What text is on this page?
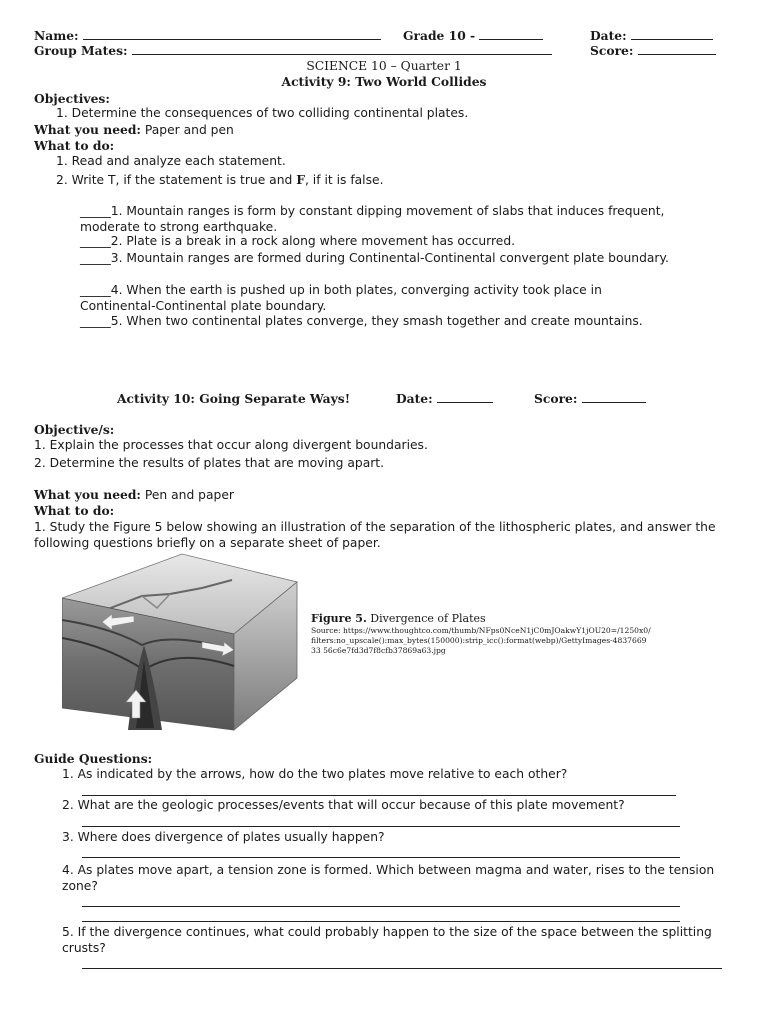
Name:	Grade 10 -	Date:
Group Mates:	Score:
SCIENCE 10 – Quarter 1
Activity 9: Two World Collides
Objectives:
1. Determine the consequences of two colliding continental plates.
What you need: Paper and pen
What to do:
1. Read and analyze each statement.
2. Write T, if the statement is true and F, if it is false.
_____1. Mountain ranges is form by constant dipping movement of slabs that induces frequent, moderate to strong earthquake.
_____2. Plate is a break in a rock along where movement has occurred.
_____3. Mountain ranges are formed during Continental-Continental convergent plate boundary.
_____4. When the earth is pushed up in both plates, converging activity took place in Continental-Continental plate boundary.
_____5. When two continental plates converge, they smash together and create mountains.
Activity 10: Going Separate Ways!	Date:	Score:
Objective/s:
1. Explain the processes that occur along divergent boundaries.
2. Determine the results of plates that are moving apart.
What you need: Pen and paper
What to do:
1. Study the Figure 5 below showing an illustration of the separation of the lithospheric plates, and answer the following questions briefly on a separate sheet of paper.
Figure 5. Divergence of Plates
Source: https://www.thoughtco.com/thumb/NFps0NceN1jC0mJOakwY1jOU20=/1250x0/ filters:no_upscale():max_bytes(150000):strip_icc():format(webp)/GettyImages-483766933 56c6e7fd3d7f8cfb37869a63.jpg
Guide Questions:
1. As indicated by the arrows, how do the two plates move relative to each other?
2. What are the geologic processes/events that will occur because of this plate movement?
3. Where does divergence of plates usually happen?
4. As plates move apart, a tension zone is formed. Which between magma and water, rises to the tension zone?
5. If the divergence continues, what could probably happen to the size of the space between the splitting crusts?
